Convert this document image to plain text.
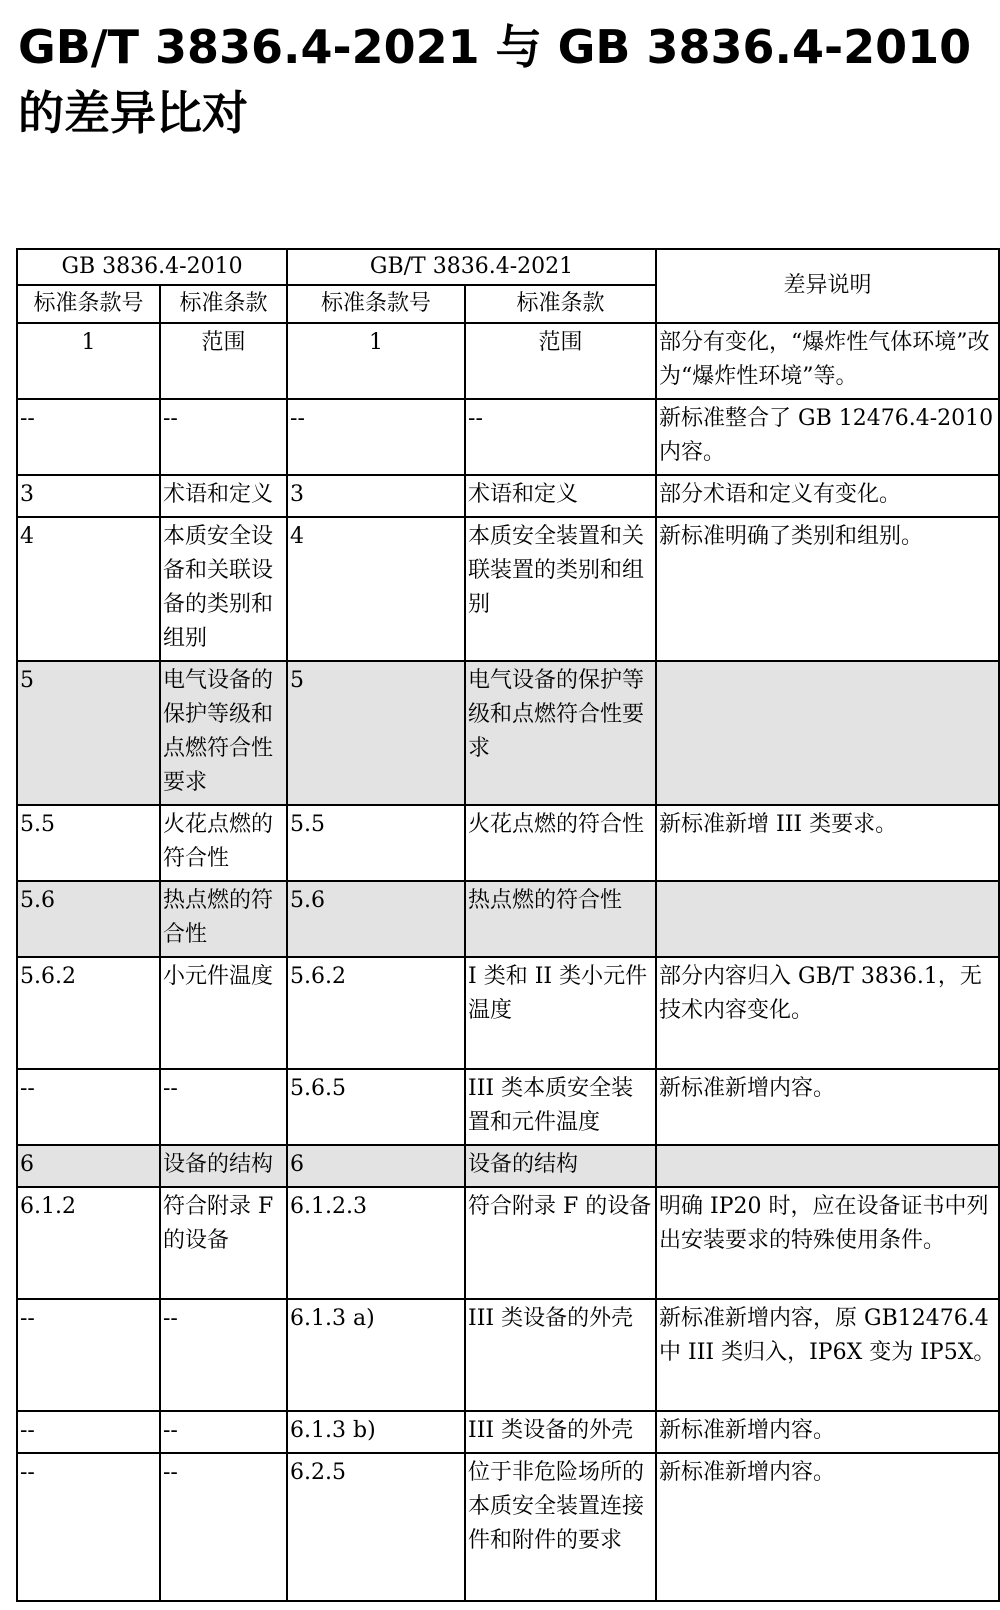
GB/T 3836.4-2021 与 GB 3836.4-2010 的差异比对
GB 3836.4-2010		GB/T 3836.4-2021		差异说明
标准条款号	标准条款	标准条款号	标准条款	
1	范围	1	范围	部分有变化，“爆炸性气体环境”改为“爆炸性环境”等。
--	--	--	--	新标准整合了 GB 12476.4-2010 内容。
3	术语和定义	3	术语和定义	部分术语和定义有变化。
4	本质安全设备和关联设备的类别和组别	4	本质安全装置和关联装置的类别和组别	新标准明确了类别和组别。
5	电气设备的保护等级和点燃符合性要求	5	电气设备的保护等级和点燃符合性要求	
5.5	火花点燃的符合性	5.5	火花点燃的符合性	新标准新增 III 类要求。
5.6	热点燃的符合性	5.6	热点燃的符合性	
5.6.2	小元件温度	5.6.2	I 类和 II 类小元件温度	部分内容归入 GB/T 3836.1，无技术内容变化。
--	--	5.6.5	III 类本质安全装置和元件温度	新标准新增内容。
6	设备的结构	6	设备的结构	
6.1.2	符合附录 F 的设备	6.1.2.3	符合附录 F 的设备	明确 IP20 时，应在设备证书中列出安装要求的特殊使用条件。
--	--	6.1.3 a)	III 类设备的外壳	新标准新增内容，原 GB12476.4 中 III 类归入，IP6X 变为 IP5X。
--	--	6.1.3 b)	III 类设备的外壳	新标准新增内容。
--	--	6.2.5	位于非危险场所的本质安全装置连接件和附件的要求	新标准新增内容。
